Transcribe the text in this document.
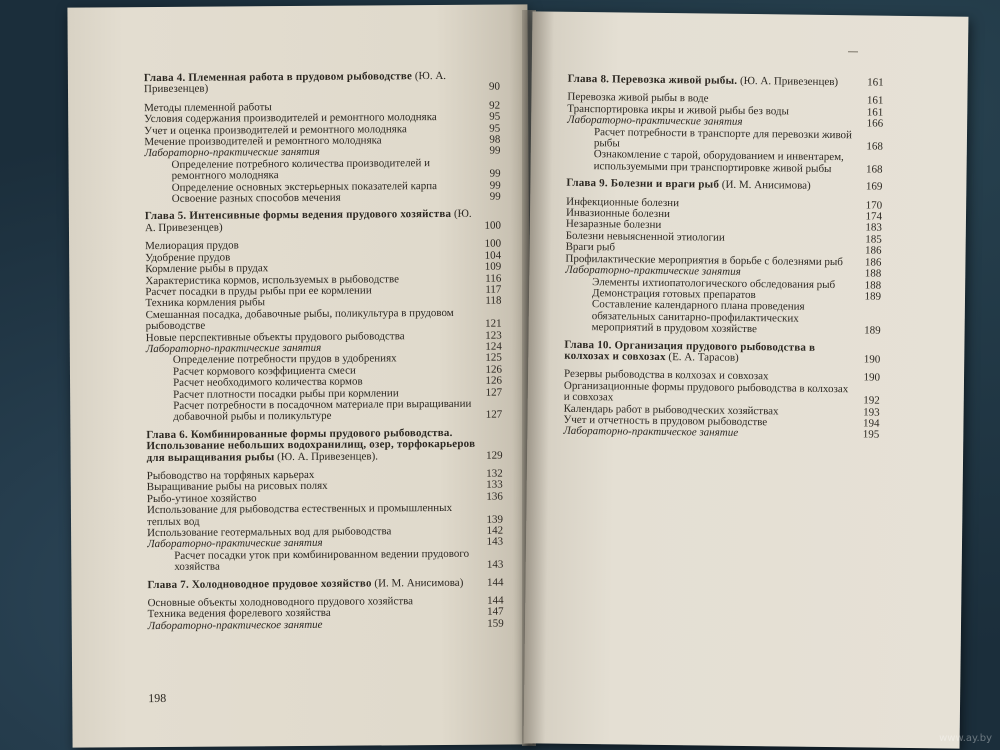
Глава 4. Племенная работа в прудовом рыбоводстве (Ю. А. Привезенцев)	90
Методы племенной работы	92
Условия содержания производителей и ремонтного молодняка	95
Учет и оценка производителей и ремонтного молодняка	95
Мечение производителей и ремонтного молодняка	98
Лабораторно-практические занятия	99
Определение потребного количества производителей и ремонтного молодняка	99
Определение основных экстерьерных показателей карпа	99
Освоение разных способов мечения	99
Глава 5. Интенсивные формы ведения прудового хозяйства (Ю. А. Привезенцев)	100
Мелиорация прудов	100
Удобрение прудов	104
Кормление рыбы в прудах	109
Характеристика кормов, используемых в рыбоводстве	116
Расчет посадки в пруды рыбы при ее кормлении	117
Техника кормления рыбы	118
Смешанная посадка, добавочные рыбы, поликультура в прудовом рыбоводстве	121
Новые перспективные объекты прудового рыбоводства	123
Лабораторно-практические занятия	124
Определение потребности прудов в удобрениях	125
Расчет кормового коэффициента смеси	126
Расчет необходимого количества кормов	126
Расчет плотности посадки рыбы при кормлении	127
Расчет потребности в посадочном материале при выращивании добавочной рыбы и поликультуре	127
Глава 6. Комбинированные формы прудового рыбоводства. Использование небольших водохранилищ, озер, торфокарьеров для выращивания рыбы (Ю. А. Привезенцев).	129
Рыбоводство на торфяных карьерах	132
Выращивание рыбы на рисовых полях	133
Рыбо-утиное хозяйство	136
Использование для рыбоводства естественных и промышленных теплых вод	139
Использование геотермальных вод для рыбоводства	142
Лабораторно-практические занятия	143
Расчет посадки уток при комбинированном ведении прудового хозяйства	143
Глава 7. Холодноводное прудовое хозяйство (И. М. Анисимова)	144
Основные объекты холодноводного прудового хозяйства	144
Техника ведения форелевого хозяйства	147
Лабораторно-практическое занятие	159
198
Глава 8. Перевозка живой рыбы. (Ю. А. Привезенцев)	161
Перевозка живой рыбы в воде	161
Транспортировка икры и живой рыбы без воды	161
Лабораторно-практические занятия	166
Расчет потребности в транспорте для перевозки живой рыбы	168
Ознакомление с тарой, оборудованием и инвентарем, используемыми при транспортировке живой рыбы	168
Глава 9. Болезни и враги рыб (И. М. Анисимова)	169
Инфекционные болезни	170
Инвазионные болезни	174
Незаразные болезни	183
Болезни невыясненной этиологии	185
Враги рыб	186
Профилактические мероприятия в борьбе с болезнями рыб	186
Лабораторно-практические занятия	188
Элементы ихтиопатологического обследования рыб	188
Демонстрация готовых препаратов	189
Составление календарного плана проведения обязательных санитарно-профилактических мероприятий в прудовом хозяйстве	189
Глава 10. Организация прудового рыбоводства в колхозах и совхозах (Е. А. Тарасов)	190
Резервы рыбоводства в колхозах и совхозах	190
Организационные формы прудового рыбоводства в колхозах и совхозах	192
Календарь работ в рыбоводческих хозяйствах	193
Учет и отчетность в прудовом рыбоводстве	194
Лабораторно-практическое занятие	195
www.ay.by
